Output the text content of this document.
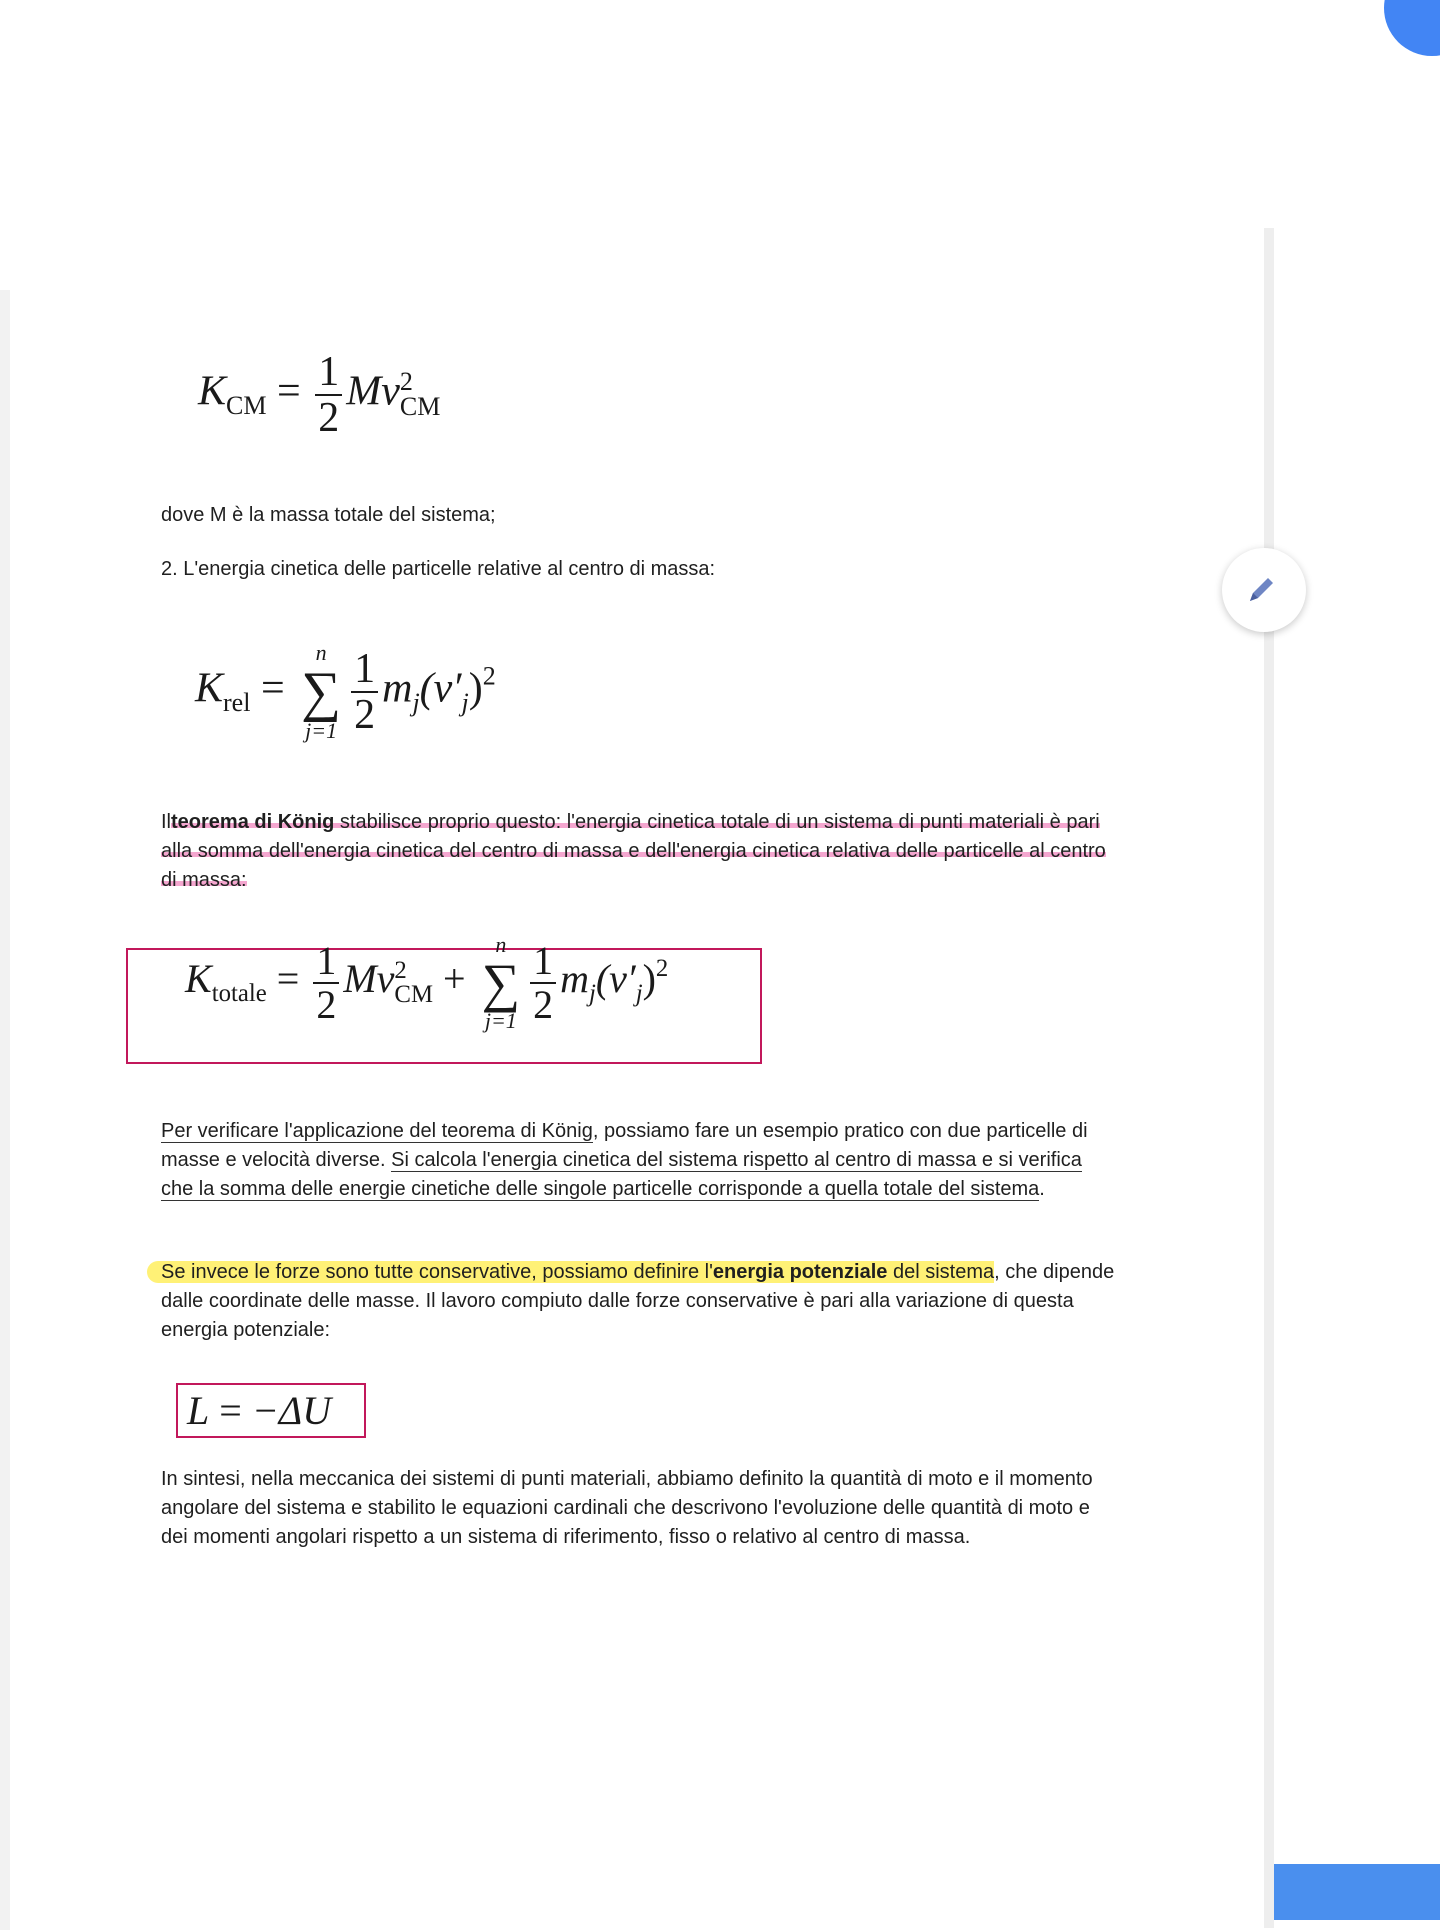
$K_{CM} = \frac{1}{2}$ Mv 2
CM
dove M è la massa totale del sistema;
2. L'energia cinetica delle particelle relative al centro di massa:
$K_{rel}$ =
n
∑
$j=1 \frac{1}{2} m_j(v'_j)^2$
Ilteorema di König stabilisce proprio questo: l'energia cinetica totale di un sistema di punti materiali è pari alla somma dell'energia cinetica del centro di massa e dell'energia cinetica relativa delle particelle al centro di massa:
$K_{totale} = \frac{1}{2}$ Mv 2
CM +
n
∑
$j=1 \frac{1}{2} m_j(v'_j)^2$
Per verificare l'applicazione del teorema di König, possiamo fare un esempio pratico con due particelle di masse e velocità diverse. Si calcola l'energia cinetica del sistema rispetto al centro di massa e si verifica che la somma delle energie cinetiche delle singole particelle corrisponde a quella totale del sistema.
Se invece le forze sono tutte conservative, possiamo definire l'energia potenziale del sistema, che dipende dalle coordinate delle masse. Il lavoro compiuto dalle forze conservative è pari alla variazione di questa energia potenziale:
L = −ΔU
In sintesi, nella meccanica dei sistemi di punti materiali, abbiamo definito la quantità di moto e il momento angolare del sistema e stabilito le equazioni cardinali che descrivono l'evoluzione delle quantità di moto e dei momenti angolari rispetto a un sistema di riferimento, fisso o relativo al centro di massa.
